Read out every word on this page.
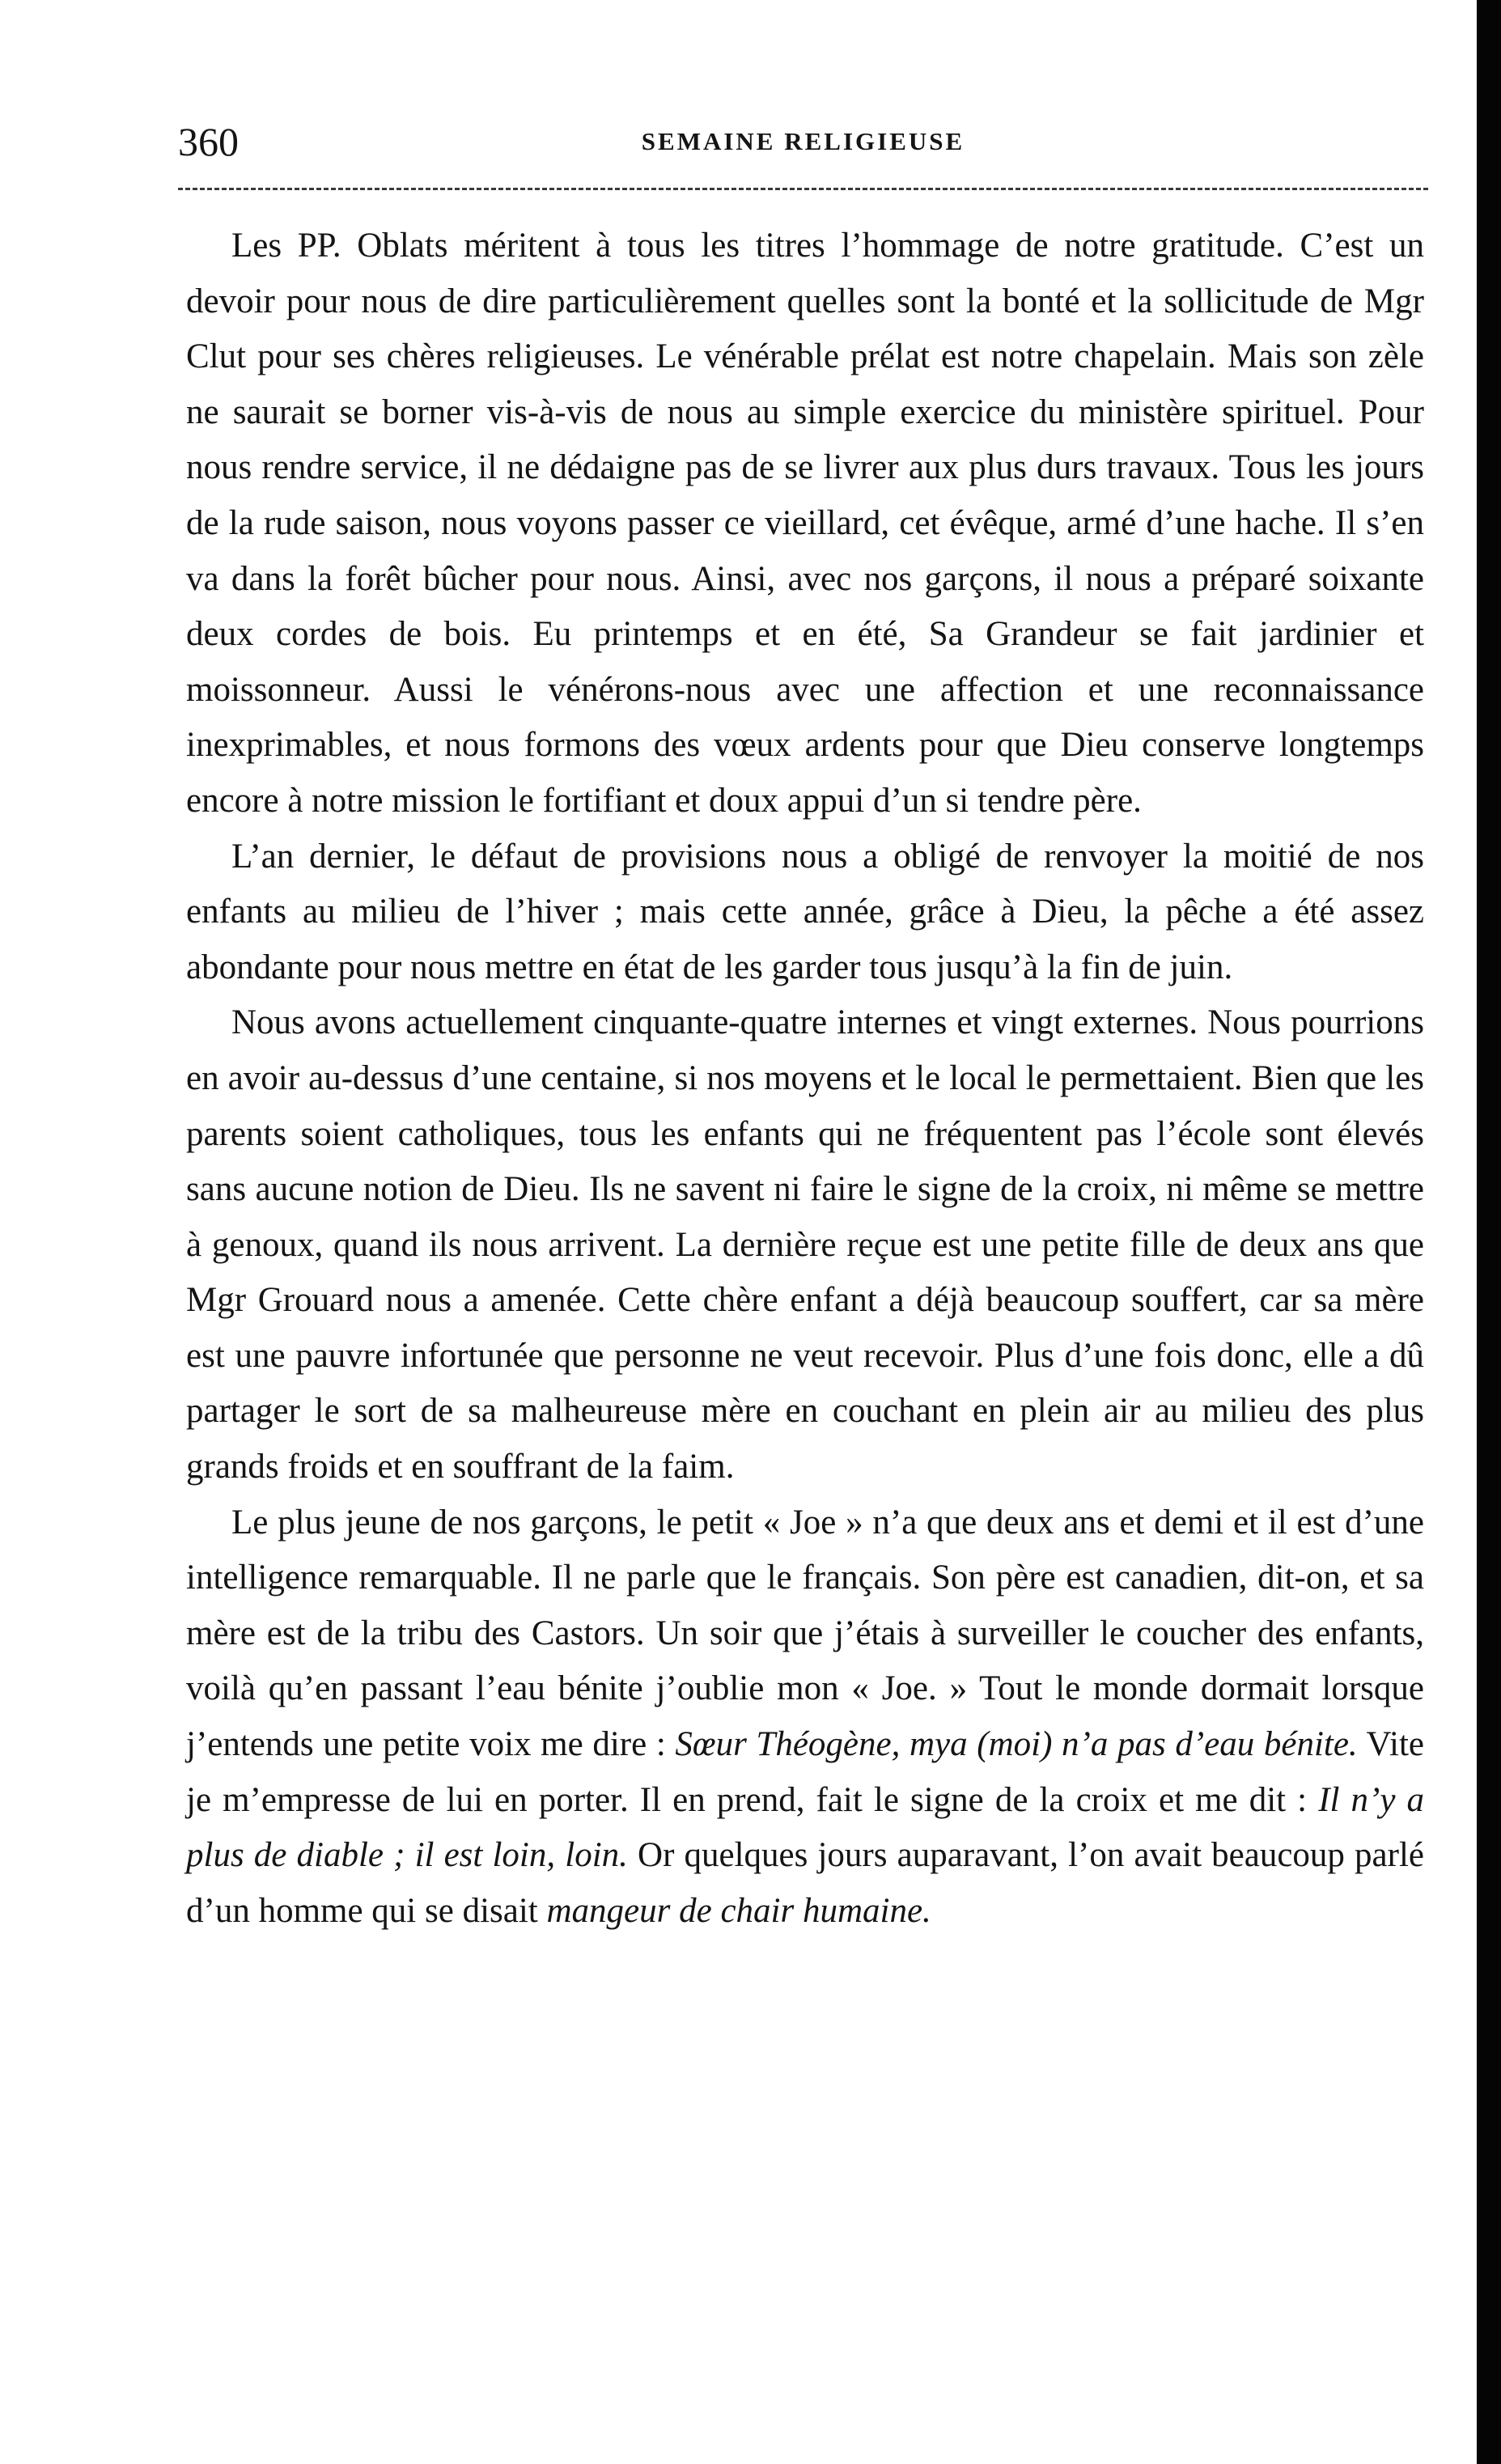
360	SEMAINE RELIGIEUSE

Les PP. Oblats méritent à tous les titres l’hommage de notre gratitude. C’est un devoir pour nous de dire particulièrement quelles sont la bonté et la sollicitude de Mgr Clut pour ses chères religieuses. Le vénérable prélat est notre chapelain. Mais son zèle ne saurait se borner vis-à-vis de nous au simple exercice du ministère spirituel. Pour nous rendre service, il ne dédaigne pas de se livrer aux plus durs travaux. Tous les jours de la rude saison, nous voyons passer ce vieillard, cet évêque, armé d’une hache. Il s’en va dans la forêt bûcher pour nous. Ainsi, avec nos garçons, il nous a préparé soixante deux cordes de bois. Eu printemps et en été, Sa Grandeur se fait jardinier et moissonneur. Aussi le vénérons-nous avec une affection et une reconnaissance inexprimables, et nous formons des vœux ardents pour que Dieu conserve longtemps encore à notre mission le fortifiant et doux appui d’un si tendre père.

L’an dernier, le défaut de provisions nous a obligé de renvoyer la moitié de nos enfants au milieu de l’hiver ; mais cette année, grâce à Dieu, la pêche a été assez abondante pour nous mettre en état de les garder tous jusqu’à la fin de juin.

Nous avons actuellement cinquante-quatre internes et vingt externes. Nous pourrions en avoir au-dessus d’une centaine, si nos moyens et le local le permettaient. Bien que les parents soient catholiques, tous les enfants qui ne fréquentent pas l’école sont élevés sans aucune notion de Dieu. Ils ne savent ni faire le signe de la croix, ni même se mettre à genoux, quand ils nous arrivent. La dernière reçue est une petite fille de deux ans que Mgr Grouard nous a amenée. Cette chère enfant a déjà beaucoup souffert, car sa mère est une pauvre infortunée que personne ne veut recevoir. Plus d’une fois donc, elle a dû partager le sort de sa malheureuse mère en couchant en plein air au milieu des plus grands froids et en souffrant de la faim.

Le plus jeune de nos garçons, le petit « Joe » n’a que deux ans et demi et il est d’une intelligence remarquable. Il ne parle que le français. Son père est canadien, dit-on, et sa mère est de la tribu des Castors. Un soir que j’étais à surveiller le coucher des enfants, voilà qu’en passant l’eau bénite j’oublie mon « Joe. » Tout le monde dormait lorsque j’entends une petite voix me dire : Sœur Théogène, mya (moi) n’a pas d’eau bénite. Vite je m’empresse de lui en porter. Il en prend, fait le signe de la croix et me dit : Il n’y a plus de diable ; il est loin, loin. Or quelques jours auparavant, l’on avait beaucoup parlé d’un homme qui se disait mangeur de chair humaine.
